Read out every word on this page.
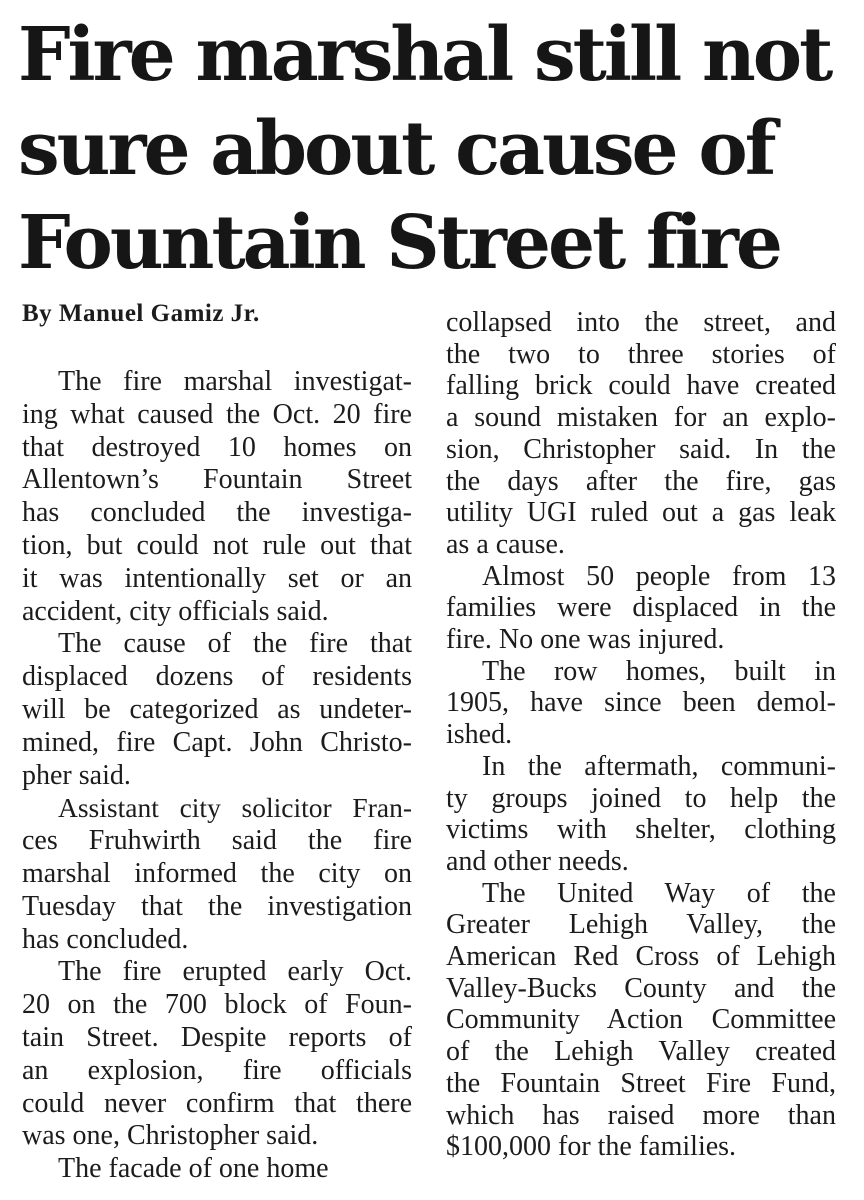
Fire marshal still not
sure about cause of
Fountain Street fire

By Manuel Gamiz Jr.

The fire marshal investigat-

ing what caused the Oct. 20 fire

that destroyed 10 homes on

Allentown’s Fountain Street

has concluded the investiga-

tion, but could not rule out that

it was intentionally set or an

accident, city officials said.

The cause of the fire that

displaced dozens of residents

will be categorized as undeter-

mined, fire Capt. John Christo-

pher said.

Assistant city solicitor Fran-

ces Fruhwirth said the fire

marshal informed the city on

Tuesday that the investigation

has concluded.

The fire erupted early Oct.

20 on the 700 block of Foun-

tain Street. Despite reports of

an explosion, fire officials

could never confirm that there

was one, Christopher said.

The facade of one home

collapsed into the street, and

the two to three stories of

falling brick could have created

a sound mistaken for an explo-

sion, Christopher said. In the

the days after the fire, gas

utility UGI ruled out a gas leak

as a cause.

Almost 50 people from 13

families were displaced in the

fire. No one was injured.

The row homes, built in

1905, have since been demol-

ished.

In the aftermath, communi-

ty groups joined to help the

victims with shelter, clothing

and other needs.

The United Way of the

Greater Lehigh Valley, the

American Red Cross of Lehigh

Valley-Bucks County and the

Community Action Committee

of the Lehigh Valley created

the Fountain Street Fire Fund,

which has raised more than

$100,000 for the families.
